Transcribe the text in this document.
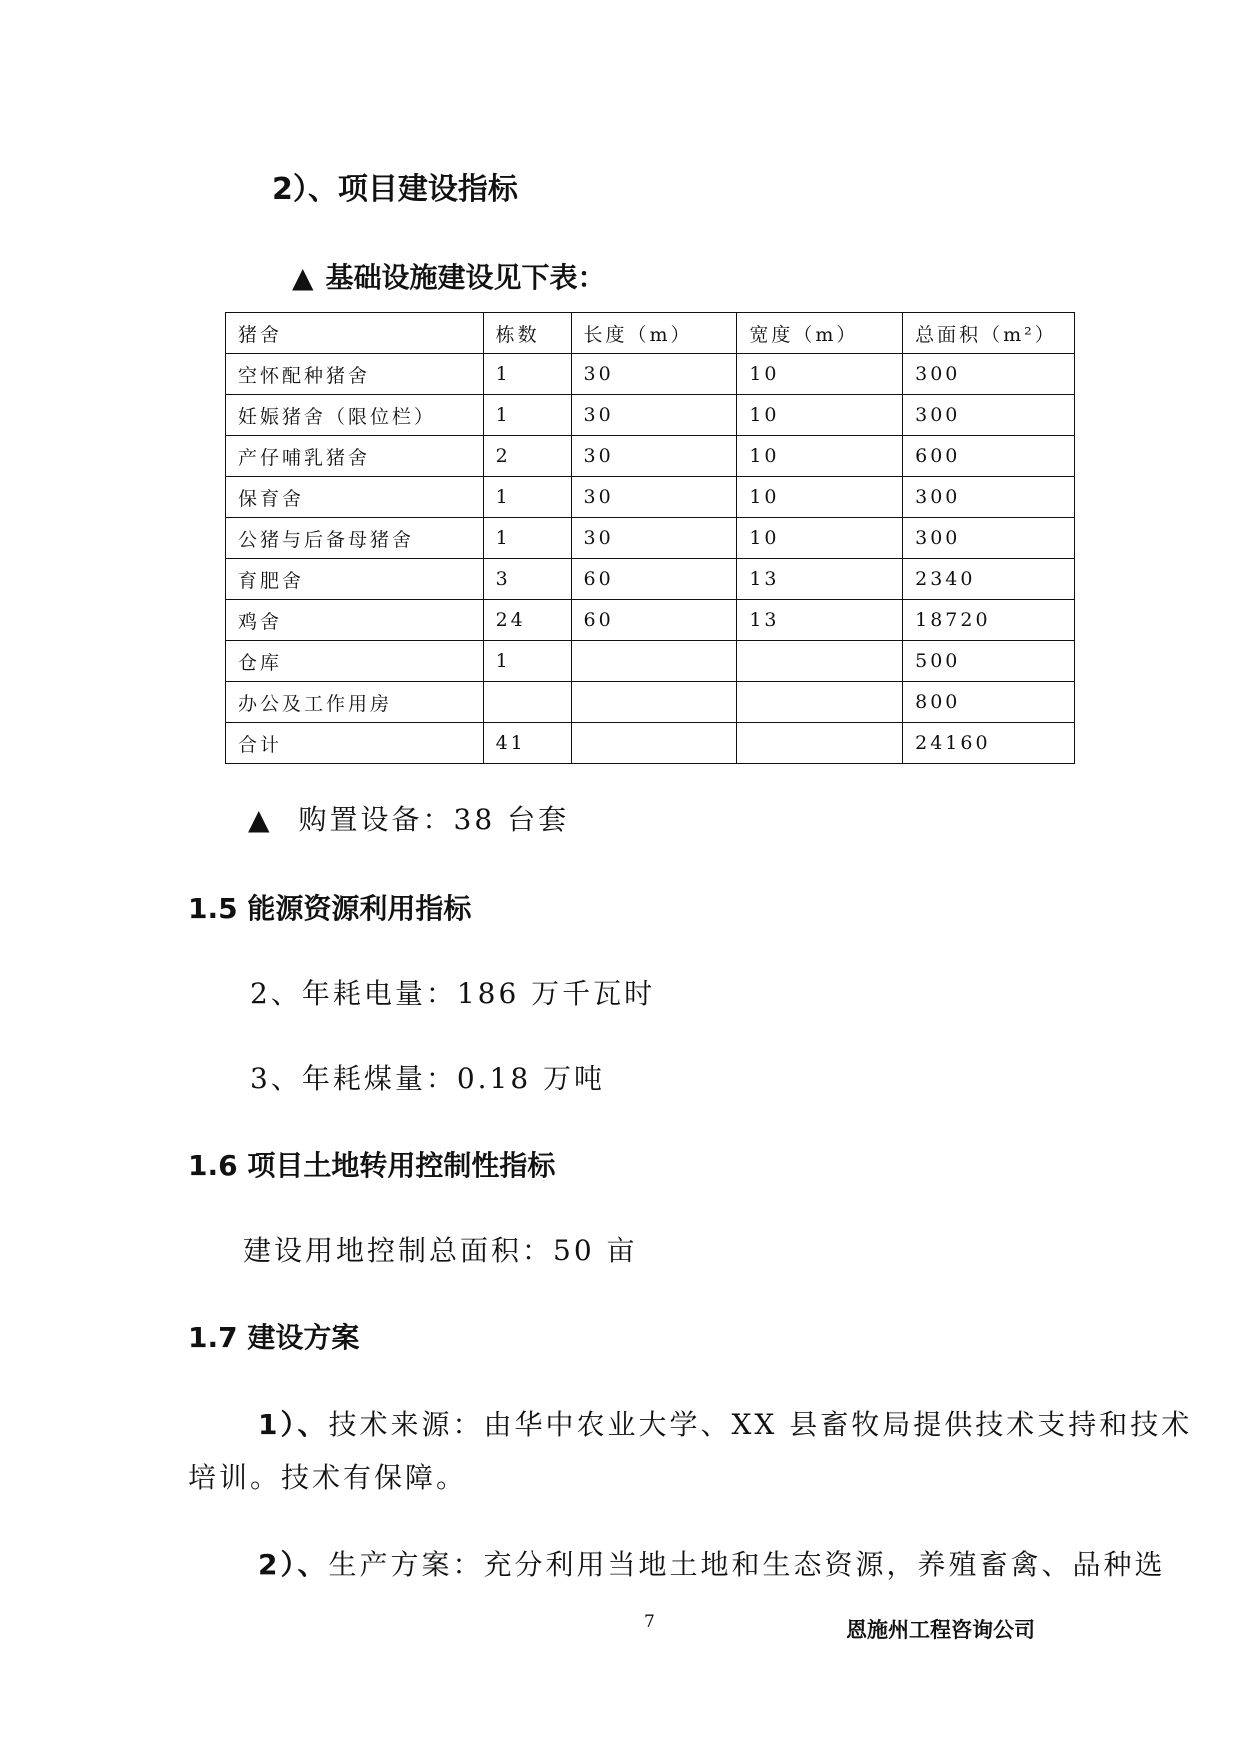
2）、项目建设指标
▲ 基础设施建设见下表：
猪舍	栋数	长度（m）	宽度（m）	总面积（m²）
空怀配种猪舍	1	30	10	300
妊娠猪舍（限位栏）	1	30	10	300
产仔哺乳猪舍	2	30	10	600
保育舍	1	30	10	300
公猪与后备母猪舍	1	30	10	300
育肥舍	3	60	13	2340
鸡舍	24	60	13	18720
仓库	1			500
办公及工作用房				800
合计	41			24160
▲ 购置设备：38 台套
1.5 能源资源利用指标
2、年耗电量：186 万千瓦时
3、年耗煤量：0.18 万吨
1.6 项目土地转用控制性指标
建设用地控制总面积：50 亩
1.7 建设方案
1）、技术来源：由华中农业大学、XX 县畜牧局提供技术支持和技术
培训。技术有保障。
2）、生产方案：充分利用当地土地和生态资源，养殖畜禽、品种选
7	恩施州工程咨询公司
